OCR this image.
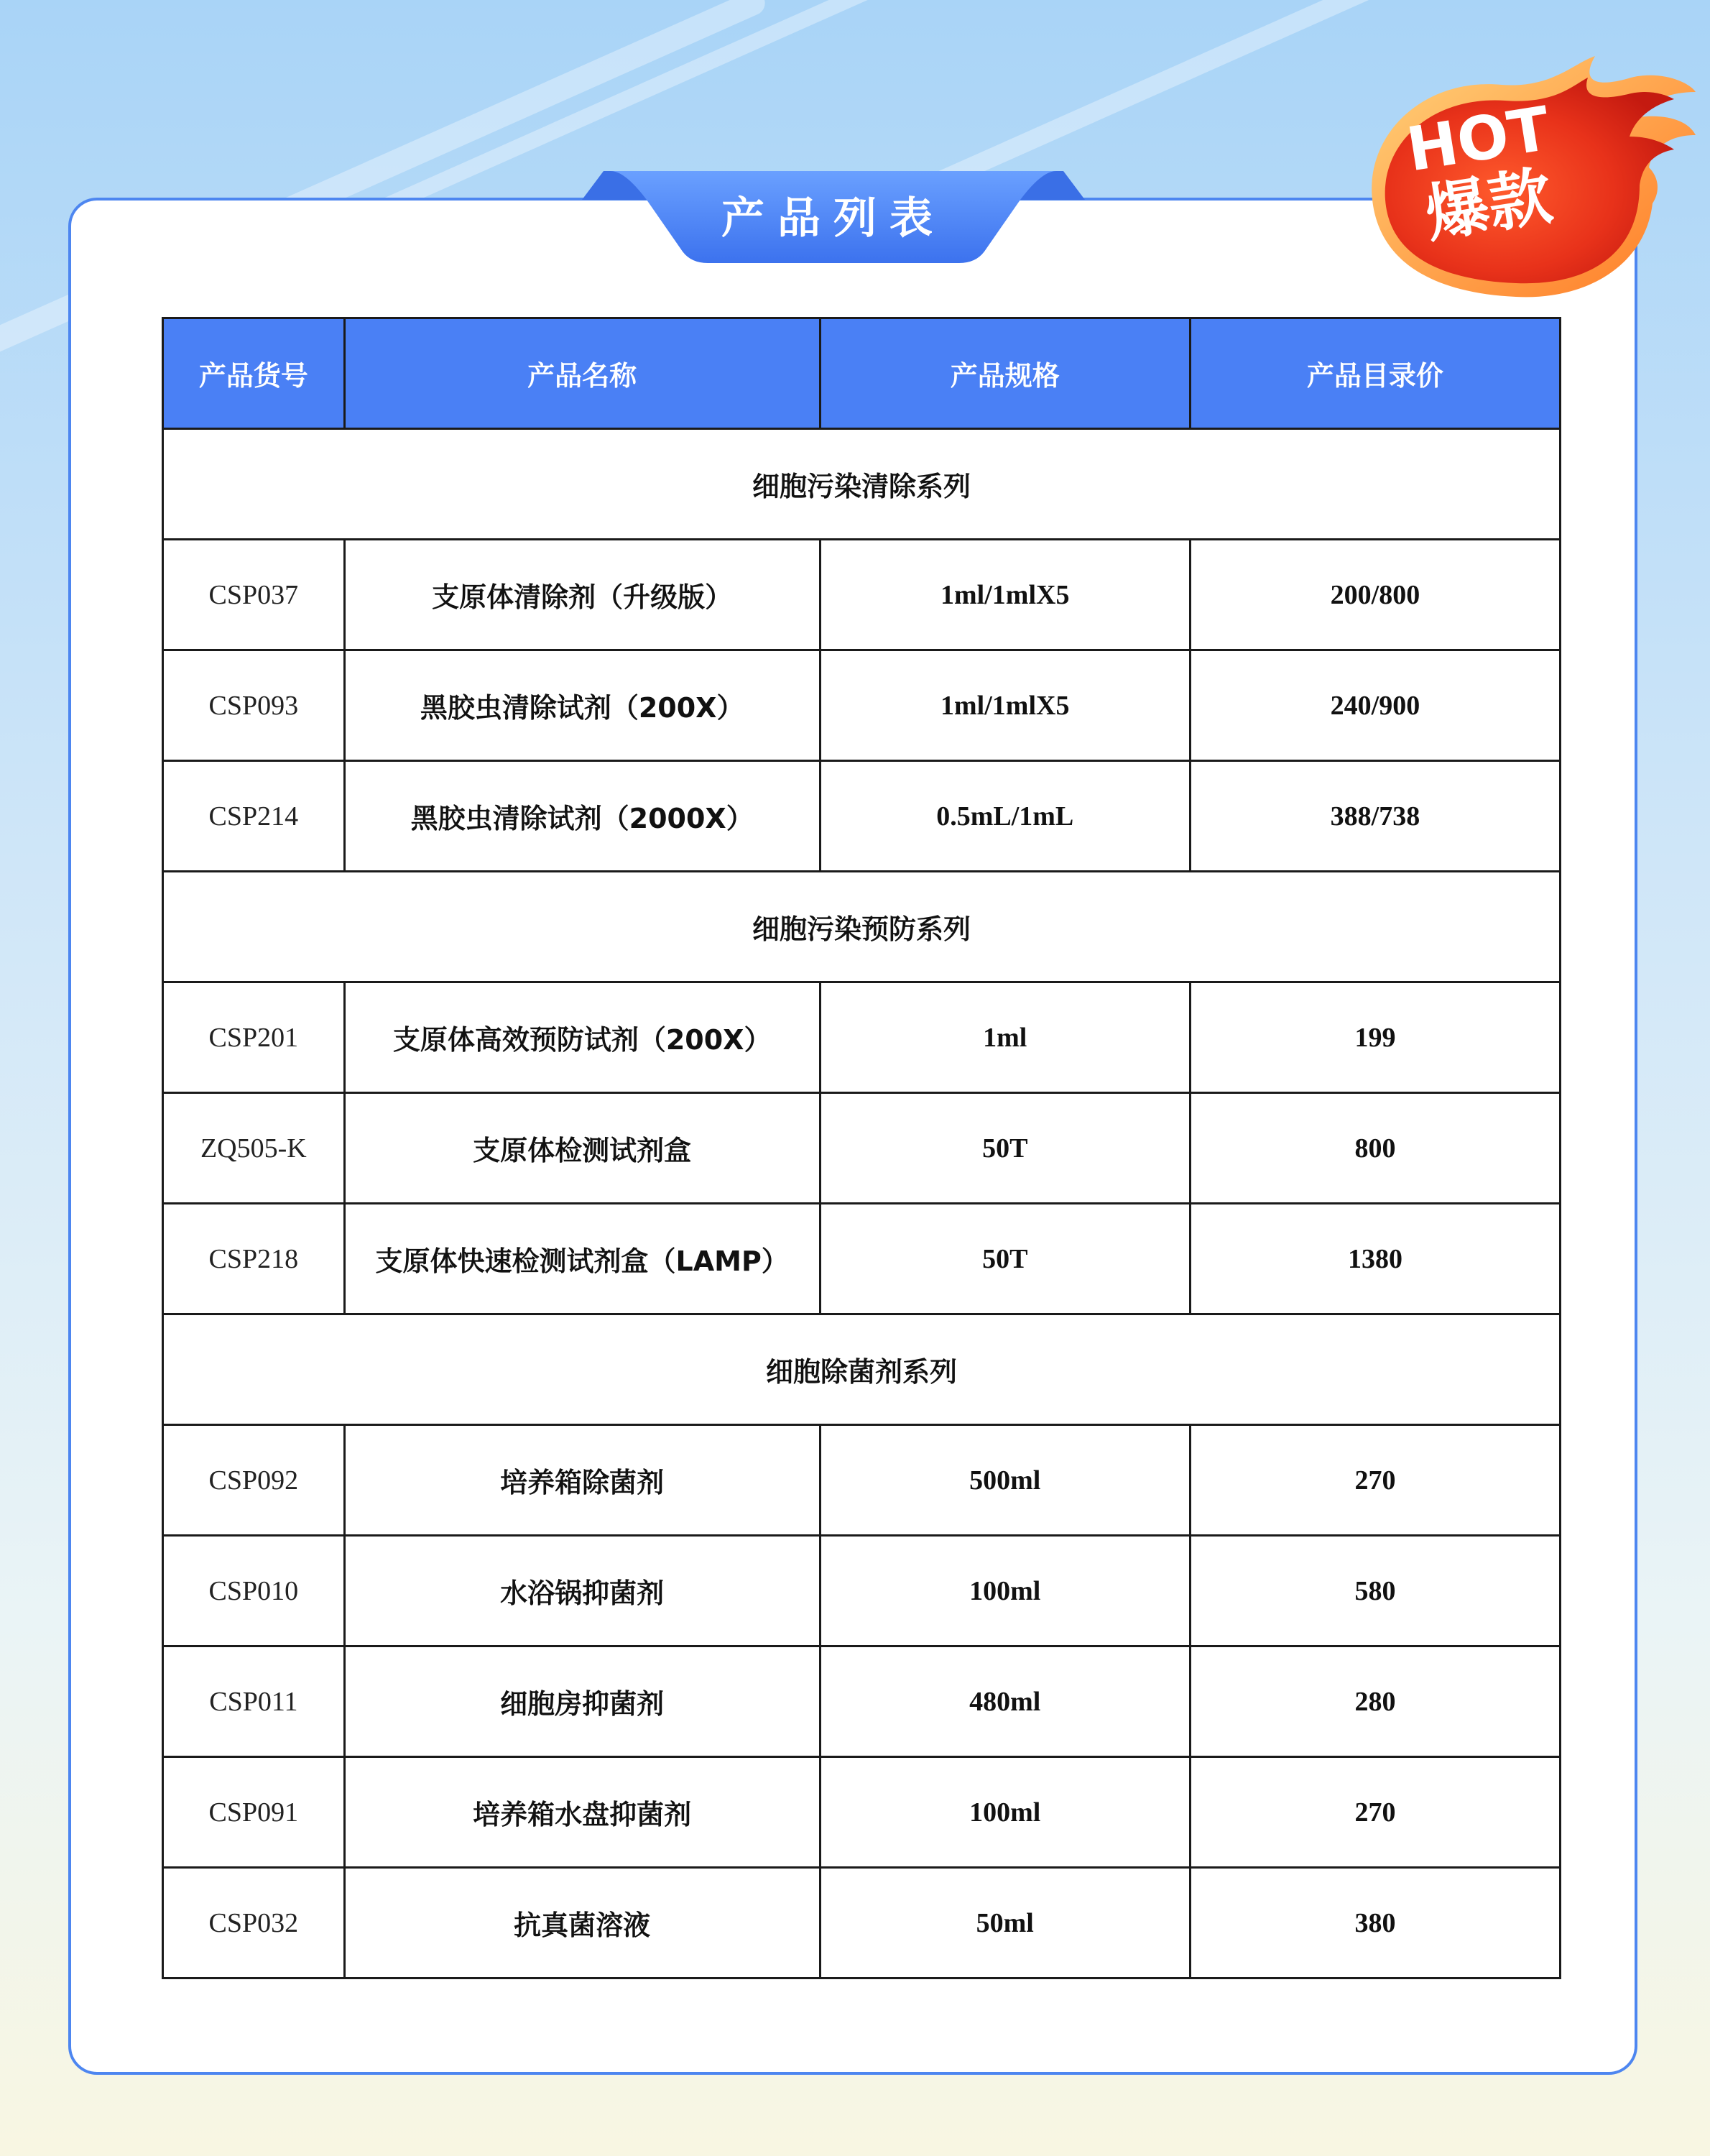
产品列表
HOT
爆款
产品货号	产品名称	产品规格	产品目录价
细胞污染清除系列			
CSP037	支原体清除剂（升级版）	1ml/1mlX5	200/800
CSP093	黑胶虫清除试剂（200X）	1ml/1mlX5	240/900
CSP214	黑胶虫清除试剂（2000X）	0.5mL/1mL	388/738
细胞污染预防系列			
CSP201	支原体高效预防试剂（200X）	1ml	199
ZQ505-K	支原体检测试剂盒	50T	800
CSP218	支原体快速检测试剂盒（LAMP）	50T	1380
细胞除菌剂系列			
CSP092	培养箱除菌剂	500ml	270
CSP010	水浴锅抑菌剂	100ml	580
CSP011	细胞房抑菌剂	480ml	280
CSP091	培养箱水盘抑菌剂	100ml	270
CSP032	抗真菌溶液	50ml	380
